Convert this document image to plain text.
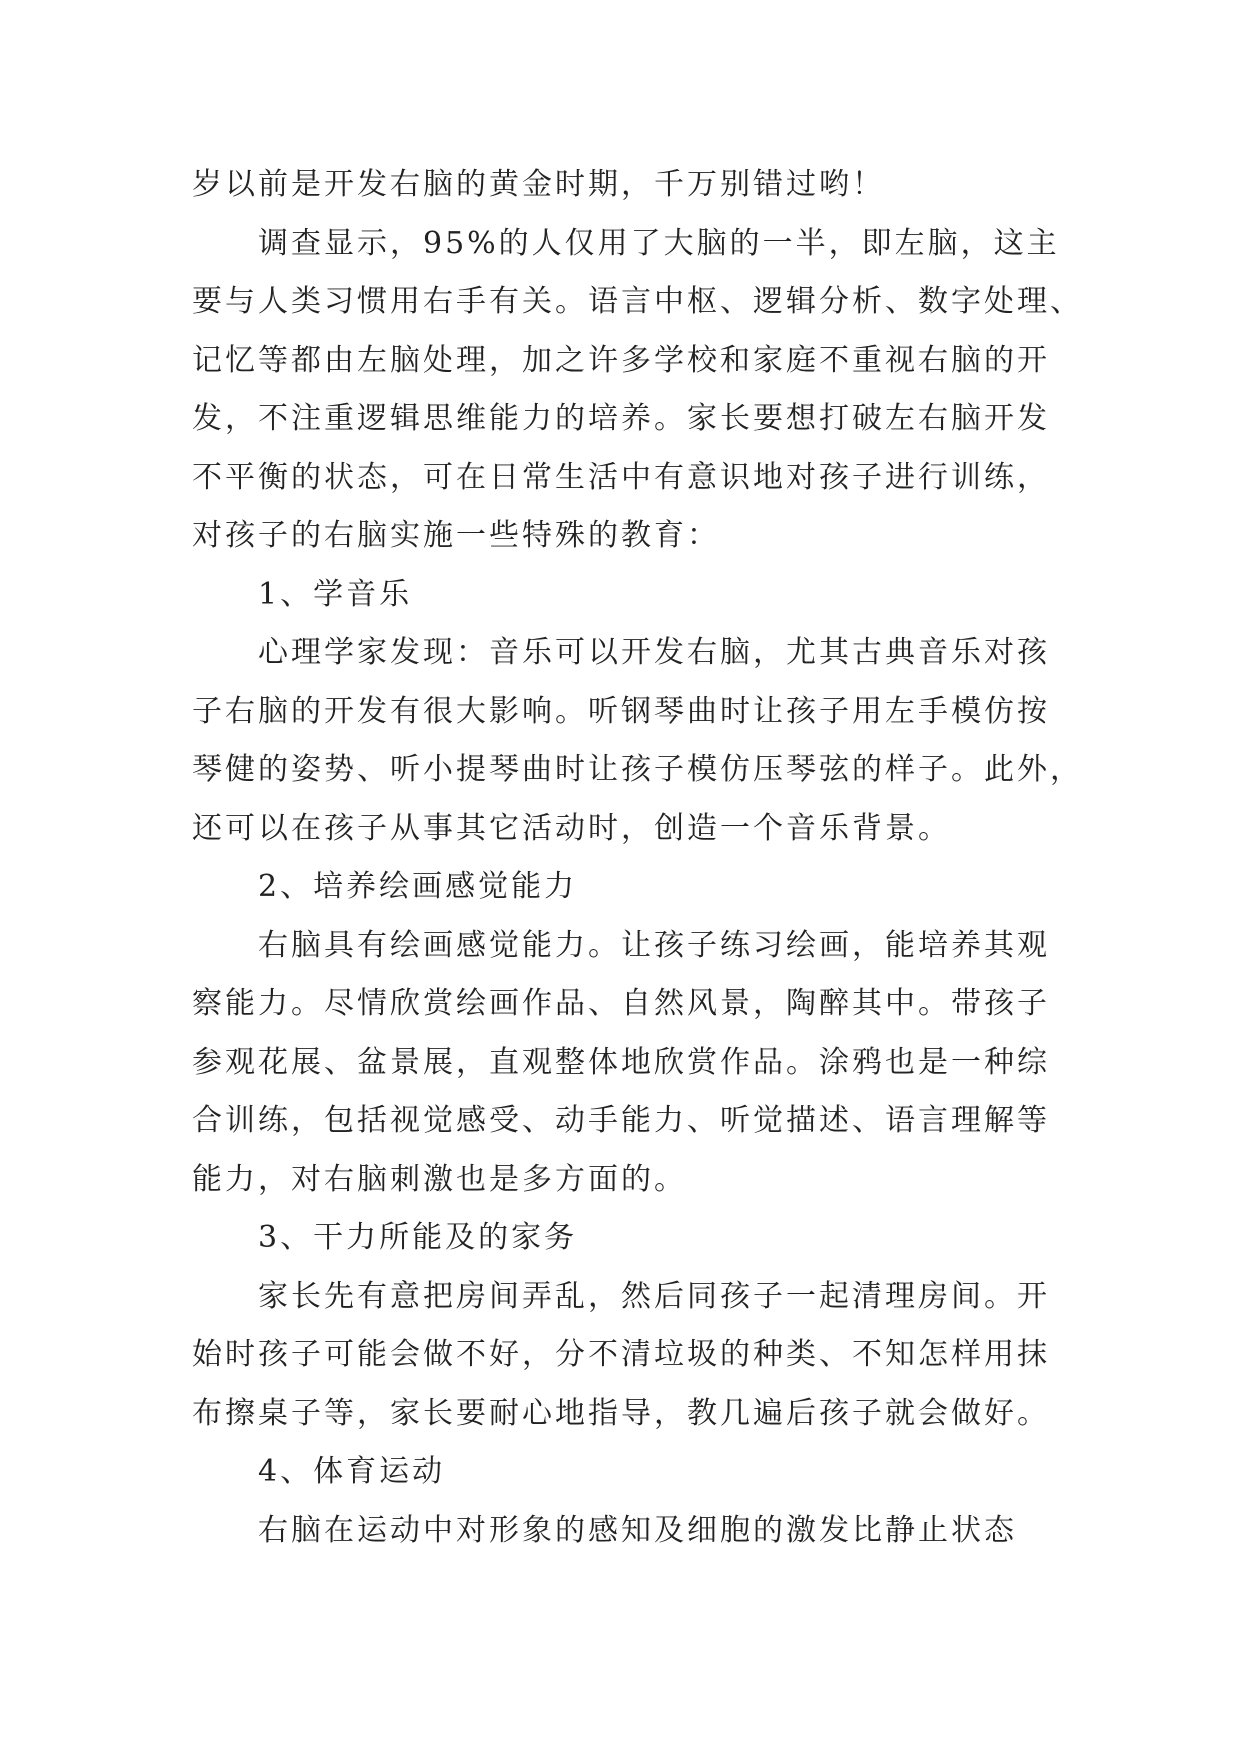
岁以前是开发右脑的黄金时期，千万别错过哟！
调查显示，95%的人仅用了大脑的一半，即左脑，这主
要与人类习惯用右手有关。语言中枢、逻辑分析、数字处理、
记忆等都由左脑处理，加之许多学校和家庭不重视右脑的开
发，不注重逻辑思维能力的培养。家长要想打破左右脑开发
不平衡的状态，可在日常生活中有意识地对孩子进行训练，
对孩子的右脑实施一些特殊的教育：
1、学音乐
心理学家发现：音乐可以开发右脑，尤其古典音乐对孩
子右脑的开发有很大影响。听钢琴曲时让孩子用左手模仿按
琴健的姿势、听小提琴曲时让孩子模仿压琴弦的样子。此外，
还可以在孩子从事其它活动时，创造一个音乐背景。
2、培养绘画感觉能力
右脑具有绘画感觉能力。让孩子练习绘画，能培养其观
察能力。尽情欣赏绘画作品、自然风景，陶醉其中。带孩子
参观花展、盆景展，直观整体地欣赏作品。涂鸦也是一种综
合训练，包括视觉感受、动手能力、听觉描述、语言理解等
能力，对右脑刺激也是多方面的。
3、干力所能及的家务
家长先有意把房间弄乱，然后同孩子一起清理房间。开
始时孩子可能会做不好，分不清垃圾的种类、不知怎样用抹
布擦桌子等，家长要耐心地指导，教几遍后孩子就会做好。
4、体育运动
右脑在运动中对形象的感知及细胞的激发比静止状态
